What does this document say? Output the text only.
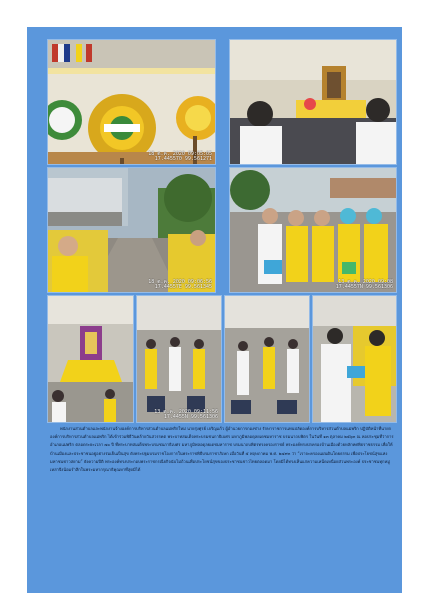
18 ต.ค. 2020 09:05:05
17.445570 99.561271
18 ต.ค. 2020 09:06:56
17.44557E 99.561345
13 ต.ค. 2020 09:08
17.44557N 99.561306
13 ต.ค. 2020 09:11:56
17.4455N 99.561306
พนักงานส่วนตำบลและพนักงานจ้างองค์การบริหารส่วนตำบลแม่พริกใหม่ นายรุ่งศุรย์ เจริญแก้ว ผู้อำนวยการกองช่าง รักษาราชการแทนปลัดองค์การบริหารส่วนตำบลแม่พริก ปฏิบัติหน้าที่นายกองค์การบริหารส่วนตำบลแม่พริก ได้เข้าร่วมพิธีวันคล้ายวันสวรรคต พระบาทสมเด็จพระบรมชนกาธิเบศร มหาภูมิพลอดุลยเดชมหาราช บรมนาถบพิตร ในวันที่ ๑๓ ตุลาคม ๒๕๖๓ ณ หอประชุมที่ว่าการอำเภอแม่พริก ตลอดระยะเวลา ๗๐ ปี ที่พระบาทสมเด็จพระบรมชนกาธิเบศร มหาภูมิพลอดุลยเดชมหาราช บรมนาถบพิตรทรงครองราชย์ พระองค์ทรงปกครองบ้านเมืองด้วยหลักทศพิธราชธรรม เพื่อให้บ้านเมืองและประชาชนอยู่อย่างร่มเย็นเป็นสุข ดังพระปฐมบรมราชโองการในพระราชพิธีบรมราชาภิเษก เมื่อวันที่ ๕ พฤษภาคม พ.ศ. ๒๔๙๓ ว่า “เราจะครองแผ่นดินโดยธรรม เพื่อประโยชน์สุขแห่งมหาชนชาวสยาม” ยังความปีติ พระองค์ทรงประกอบพระราชกรณียกิจนับไม่ถ้วนเพื่อประโยชน์สุขของประชาชนชาวไทยตลอดมา โดยมิได้ทรงเห็นแก่ความเหน็ดเหนื่อยส่วนพระองค์ ประชาชนทุกหมู่เหล่าจึงน้อมรำลึกในพระมหากรุณาธิคุณหาที่สุดมิได้
